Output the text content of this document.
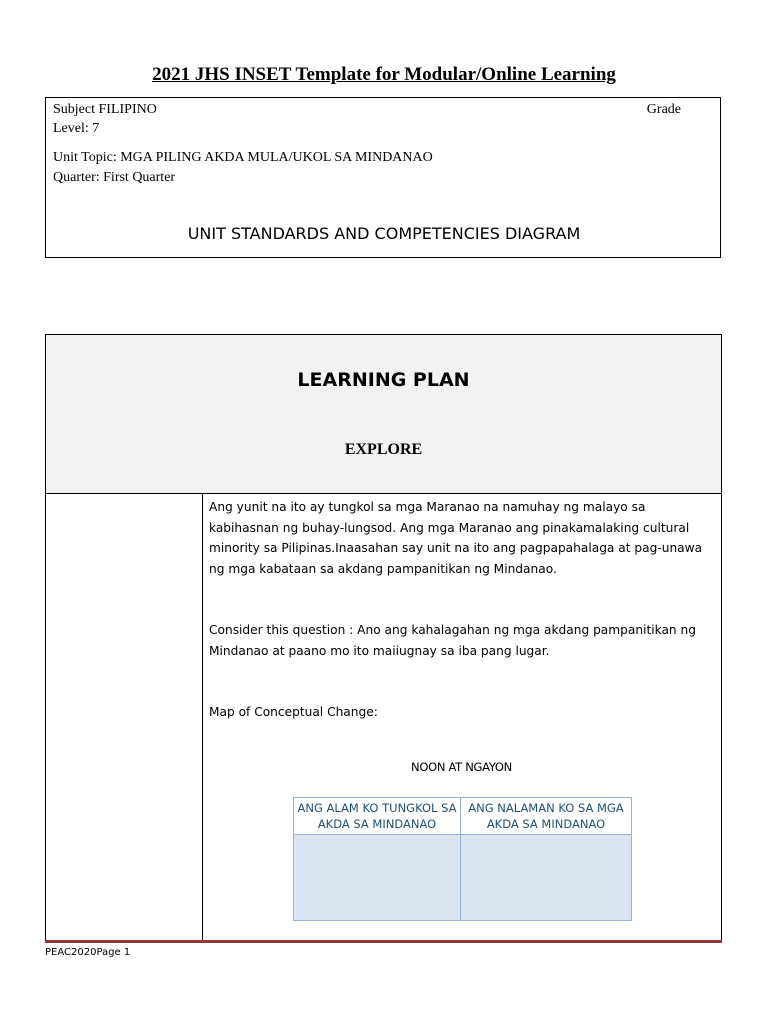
2021 JHS INSET Template for Modular/Online Learning
Subject FILIPINO	Grade
Level: 7
Unit Topic: MGA PILING AKDA MULA/UKOL SA MINDANAO
Quarter: First Quarter
UNIT STANDARDS AND COMPETENCIES DIAGRAM
LEARNING PLAN
EXPLORE

Ang yunit na ito ay tungkol sa mga Maranao na namuhay ng malayo sa kabihasnan ng buhay-lungsod. Ang mga Maranao ang pinakamalaking cultural minority sa Pilipinas.Inaasahan say unit na ito ang pagpapahalaga at pag-unawa ng mga kabataan sa akdang pampanitikan ng Mindanao.

Consider this question : Ano ang kahalagahan ng mga akdang pampanitikan ng Mindanao at paano mo ito maiiugnay sa iba pang lugar.

Map of Conceptual Change:

NOON AT NGAYON
ANG ALAM KO TUNGKOL SA AKDA SA MINDANAO
ANG NALAMAN KO SA MGA AKDA SA MINDANAO
PEAC2020Page 1
